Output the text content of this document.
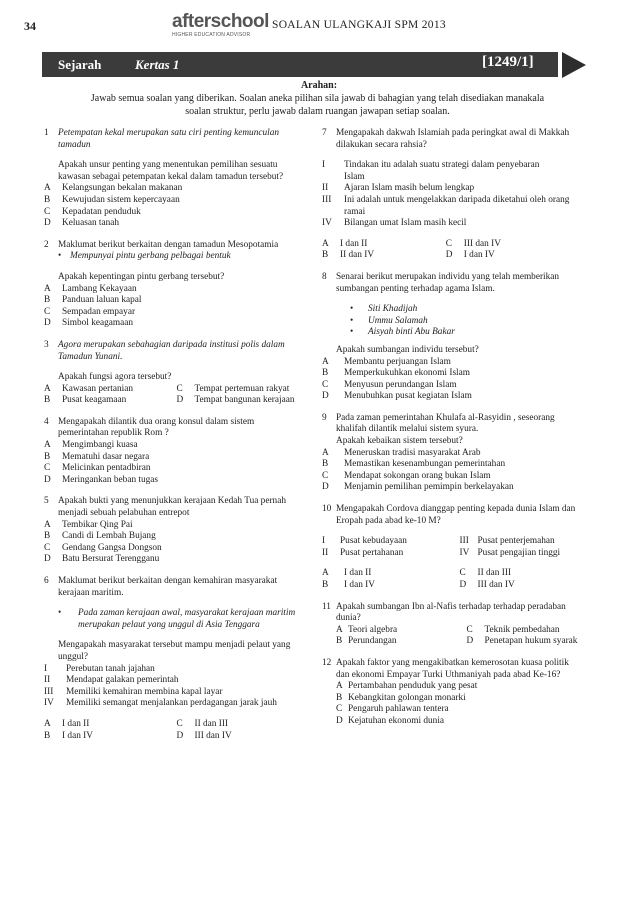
34	afterschool
HIGHER EDUCATION ADVISOR
SOALAN ULANGKAJI SPM 2013
Sejarah	Kertas 1	[1249/1]
Arahan:
Jawab semua soalan yang diberikan. Soalan aneka pilihan sila jawab di bahagian yang telah disediakan manakala soalan struktur, perlu jawab dalam ruangan jawapan setiap soalan.
1 Petempatan kekal merupakan satu ciri penting kemunculan
tamadun
Apakah unsur penting yang menentukan pemilihan sesuatu
kawasan sebagai petempatan kekal dalam tamadun tersebut?
A	Kelangsungan bekalan makanan
B	Kewujudan sistem kepercayaan
C	Kepadatan penduduk
D	Keluasan tanah
2 Maklumat berikut berkaitan dengan tamadun Mesopotamia
• Mempunyai pintu gerbang pelbagai bentuk
Apakah kepentingan pintu gerbang tersebut?
A	Lambang Kekayaan
B	Panduan laluan kapal
C	Sempadan empayar
D	Simbol keagamaan
3 Agora merupakan sebahagian daripada institusi polis dalam
Tamadun Yunani.
Apakah fungsi agora tersebut?
A	Kawasan pertanian	C	Tempat pertemuan rakyat
B	Pusat keagamaan	D	Tempat bangunan kerajaan
4 Mengapakah dilantik dua orang konsul dalam sistem
pemerintahan republik Rom ?
A	Mengimbangi kuasa
B	Mematuhi dasar negara
C	Melicinkan pentadbiran
D	Meringankan beban tugas
5 Apakah bukti yang menunjukkan kerajaan Kedah Tua pernah
menjadi sebuah pelabuhan entrepot
A	Tembikar Qing Pai
B	Candi di Lembah Bujang
C	Gendang Gangsa Dongson
D	Batu Bersurat Terengganu
6 Maklumat berikut berkaitan dengan kemahiran masyarakat
kerajaan maritim.
•	Pada zaman kerajaan awal, masyarakat kerajaan maritim
merupakan pelaut yang unggul di Asia Tenggara
Mengapakah masyarakat tersebut mampu menjadi pelaut yang
unggul?
I	Perebutan tanah jajahan
II	Mendapat galakan pemerintah
III	Memiliki kemahiran membina kapal layar
IV	Memiliki semangat menjalankan perdagangan jarak jauh
A	I dan II	C	II dan III
B	I dan IV	D	III dan IV
7 Mengapakah dakwah Islamiah pada peringkat awal di Makkah
dilakukan secara rahsia?
I	Tindakan itu adalah suatu strategi dalam penyebaran
Islam
II	Ajaran Islam masih belum lengkap
III	Ini adalah untuk mengelakkan daripada diketahui oleh orang
ramai
IV	Bilangan umat Islam masih kecil
A	I dan II	C	III dan IV
B	II dan IV	D	I dan IV
8 Senarai berikut merupakan individu yang telah memberikan
sumbangan penting terhadap agama Islam.
•	Siti Khadijah
•	Ummu Salamah
•	Aisyah binti Abu Bakar
Apakah sumbangan individu tersebut?
A	Membantu perjuangan Islam
B	Memperkukuhkan ekonomi Islam
C	Menyusun perundangan Islam
D	Menubuhkan pusat kegiatan Islam
9 Pada zaman pemerintahan Khulafa al-Rasyidin , seseorang
khalifah dilantik melalui sistem syura.
Apakah kebaikan sistem tersebut?
A	Meneruskan tradisi masyarakat Arab
B	Memastikan kesenambungan pemerintahan
C	Mendapat sokongan orang bukan Islam
D	Menjamin pemilihan pemimpin berkelayakan
10 Mengapakah Cordova dianggap penting kepada dunia Islam dan
Eropah pada abad ke-10 M?
I	Pusat kebudayaan	III Pusat penterjemahan
II	Pusat pertahanan	IV Pusat pengajian tinggi
A	I dan II	C	II dan III
B	I dan IV	D	III dan IV
11 Apakah sumbangan Ibn al-Nafis terhadap terhadap peradaban
dunia?
A Teori algebra	C	Teknik pembedahan
B Perundangan	D	Penetapan hukum syarak
12 Apakah faktor yang mengakibatkan kemerosotan kuasa politik
dan ekonomi Empayar Turki Uthmaniyah pada abad Ke-16?
A Pertambahan penduduk yang pesat
B Kebangkitan golongan monarki
C Pengaruh pahlawan tentera
D Kejatuhan ekonomi dunia
